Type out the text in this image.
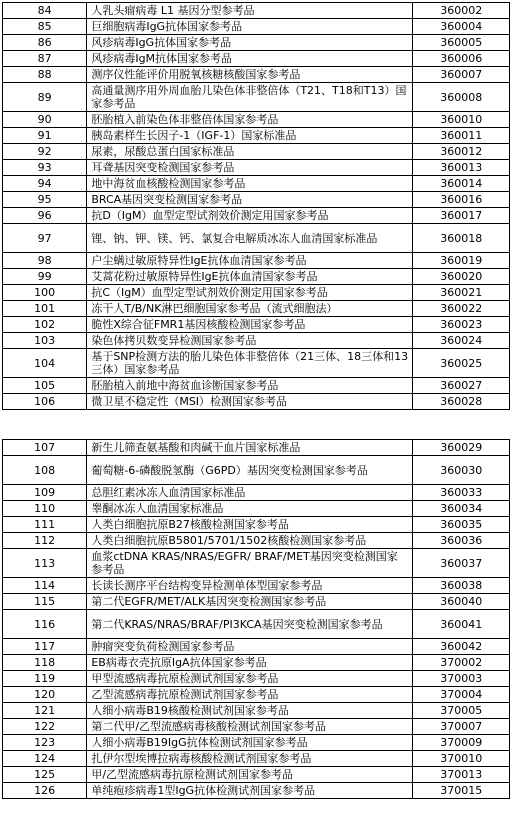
84	人乳头瘤病毒 L1 基因分型参考品	360002
85	巨细胞病毒IgG抗体国家参考品	360004
86	风疹病毒IgG抗体国家参考品	360005
87	风疹病毒IgM抗体国家参考品	360006
88	测序仪性能评价用脱氧核糖核酸国家参考品	360007
89	高通量测序用外周血胎儿染色体非整倍体（T21、T18和T13）国家参考品	360008
90	胚胎植入前染色体非整倍体国家参考品	360010
91	胰岛素样生长因子-1（IGF-1）国家标准品	360011
92	尿素，尿酸总蛋白国家标准品	360012
93	耳聋基因突变检测国家参考品	360013
94	地中海贫血核酸检测国家参考品	360014
95	BRCA基因突变检测国家参考品	360016
96	抗D（IgM）血型定型试剂效价测定用国家参考品	360017
97	锂、钠、钾、镁、钙、氯复合电解质冰冻人血清国家标准品	360018
98	户尘螨过敏原特异性IgE抗体血清国家参考品	360019
99	艾蒿花粉过敏原特异性IgE抗体血清国家参考品	360020
100	抗C（IgM）血型定型试剂效价测定用国家参考品	360021
101	冻干人T/B/NK淋巴细胞国家参考品（流式细胞法）	360022
102	脆性X综合征FMR1基因核酸检测国家参考品	360023
103	染色体拷贝数变异检测国家参考品	360024
104	基于SNP检测方法的胎儿染色体非整倍体（21三体、18三体和13三体）国家参考品	360025
105	胚胎植入前地中海贫血诊断国家参考品	360027
106	微卫星不稳定性（MSI）检测国家参考品	360028
107	新生儿筛查氨基酸和肉碱干血片国家标准品	360029
108	葡萄糖-6-磷酸脱氢酶（G6PD）基因突变检测国家参考品	360030
109	总胆红素冰冻人血清国家标准品	360033
110	睾酮冰冻人血清国家标准品	360034
111	人类白细胞抗原B27核酸检测国家参考品	360035
112	人类白细胞抗原B5801/5701/1502核酸检测国家参考品	360036
113	血浆ctDNA KRAS/NRAS/EGFR/ BRAF/MET基因突变检测国家参考品	360037
114	长读长测序平台结构变异检测单体型国家参考品	360038
115	第二代EGFR/MET/ALK基因突变检测国家参考品	360040
116	第二代KRAS/NRAS/BRAF/PI3KCA基因突变检测国家参考品	360041
117	肿瘤突变负荷检测国家参考品	360042
118	EB病毒衣壳抗原IgA抗体国家参考品	370002
119	甲型流感病毒抗原检测试剂国家参考品	370003
120	乙型流感病毒抗原检测试剂国家参考品	370004
121	人细小病毒B19核酸检测试剂国家参考品	370005
122	第二代甲/乙型流感病毒核酸检测试剂国家参考品	370007
123	人细小病毒B19IgG抗体检测试剂国家参考品	370009
124	扎伊尔型埃博拉病毒核酸检测试剂国家参考品	370010
125	甲/乙型流感病毒抗原检测试剂国家参考品	370013
126	单纯疱疹病毒1型IgG抗体检测试剂国家参考品	370015
